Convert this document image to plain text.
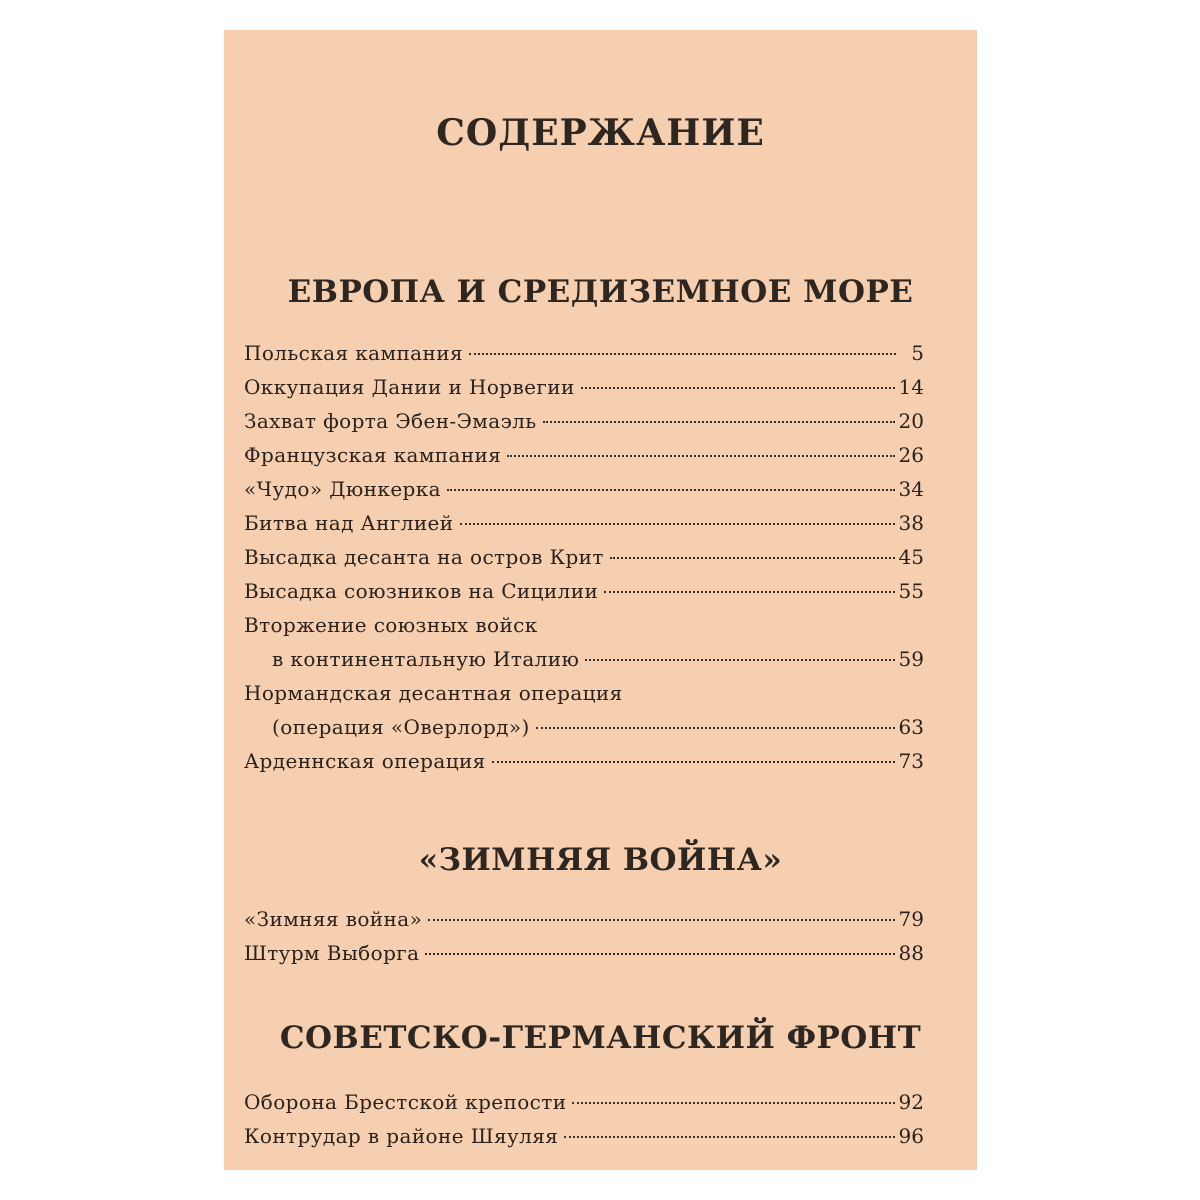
СОДЕРЖАНИЕ
ЕВРОПА И СРЕДИЗЕМНОЕ МОРЕ
Польская кампания	5
Оккупация Дании и Норвегии	14
Захват форта Эбен-Эмаэль	20
Французская кампания	26
«Чудо» Дюнкерка	34
Битва над Англией	38
Высадка десанта на остров Крит	45
Высадка союзников на Сицилии	55
Вторжение союзных войск
в континентальную Италию	59
Нормандская десантная операция
(операция «Оверлорд»)	63
Арденнская операция	73
«ЗИМНЯЯ ВОЙНА»
«Зимняя война»	79
Штурм Выборга	88
СОВЕТСКО-ГЕРМАНСКИЙ ФРОНТ
Оборона Брестской крепости	92
Контрудар в районе Шяуляя	96
